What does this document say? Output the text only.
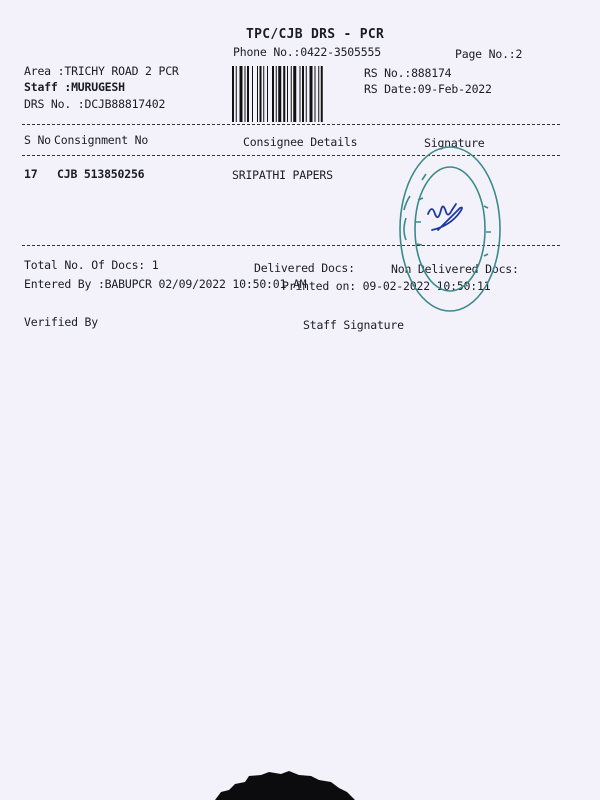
TPC/CJB DRS - PCR
Phone No.:0422-3505555	Page No.:2
Area :TRICHY ROAD 2 PCR
Staff :MURUGESH
DRS No. :DCJB88817402
RS No.:888174
RS Date:09-Feb-2022
S No Consignment No	Consignee Details	Signature
17 CJB 513850256	SRIPATHI PAPERS
Total No. Of Docs: 1	Delivered Docs:	Non Delivered Docs:
Entered By :BABUPCR 02/09/2022 10:50:01 AM
Printed on: 09-02-2022 10:50:11
Verified By	Staff Signature
